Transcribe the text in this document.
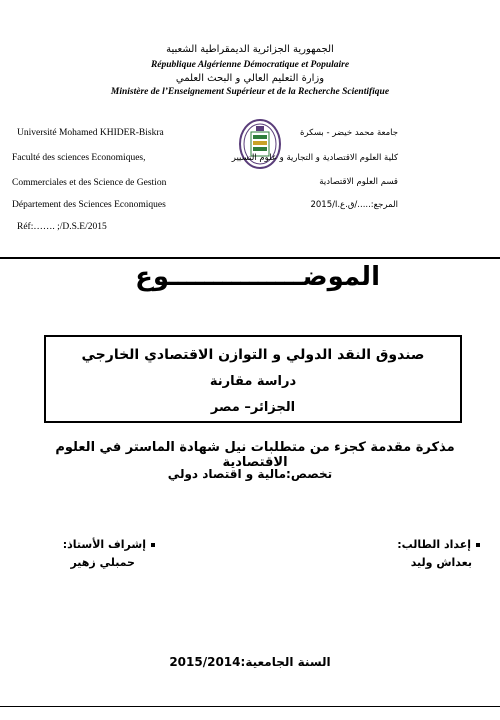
الجمهورية الجزائرية الديمقراطية الشعبية
République Algérienne Démocratique et Populaire
وزارة التعليم العالي و البحث العلمي
Ministère de l’Enseignement Supérieur et de la Recherche Scientifique
Université Mohamed KHIDER-Biskra
Faculté des sciences Economiques,
Commerciales et des Science de Gestion
Département des Sciences Economiques
Réf:……. ;/D.S.E/2015
جامعة محمد خيضر - بسكرة
كلية العلوم الاقتصادية و التجارية و علوم التسيير
قسم العلوم الاقتصادية
المرجع:...../ق.ع.ا/2015
الموضـــــــــــــــوع
صندوق النقد الدولي و التوازن الاقتصادي الخارجي
دراسة مقارنة
الجزائر– مصر
مذكرة مقدمة كجزء من متطلبات نيل شهادة الماستر في العلوم الاقتصادية
تخصص:مالية و اقتصاد دولي
إعداد الطالب:
بعداش وليد
إشراف الأستاذ:
حمبلي زهير
السنة الجامعية:2015/2014
